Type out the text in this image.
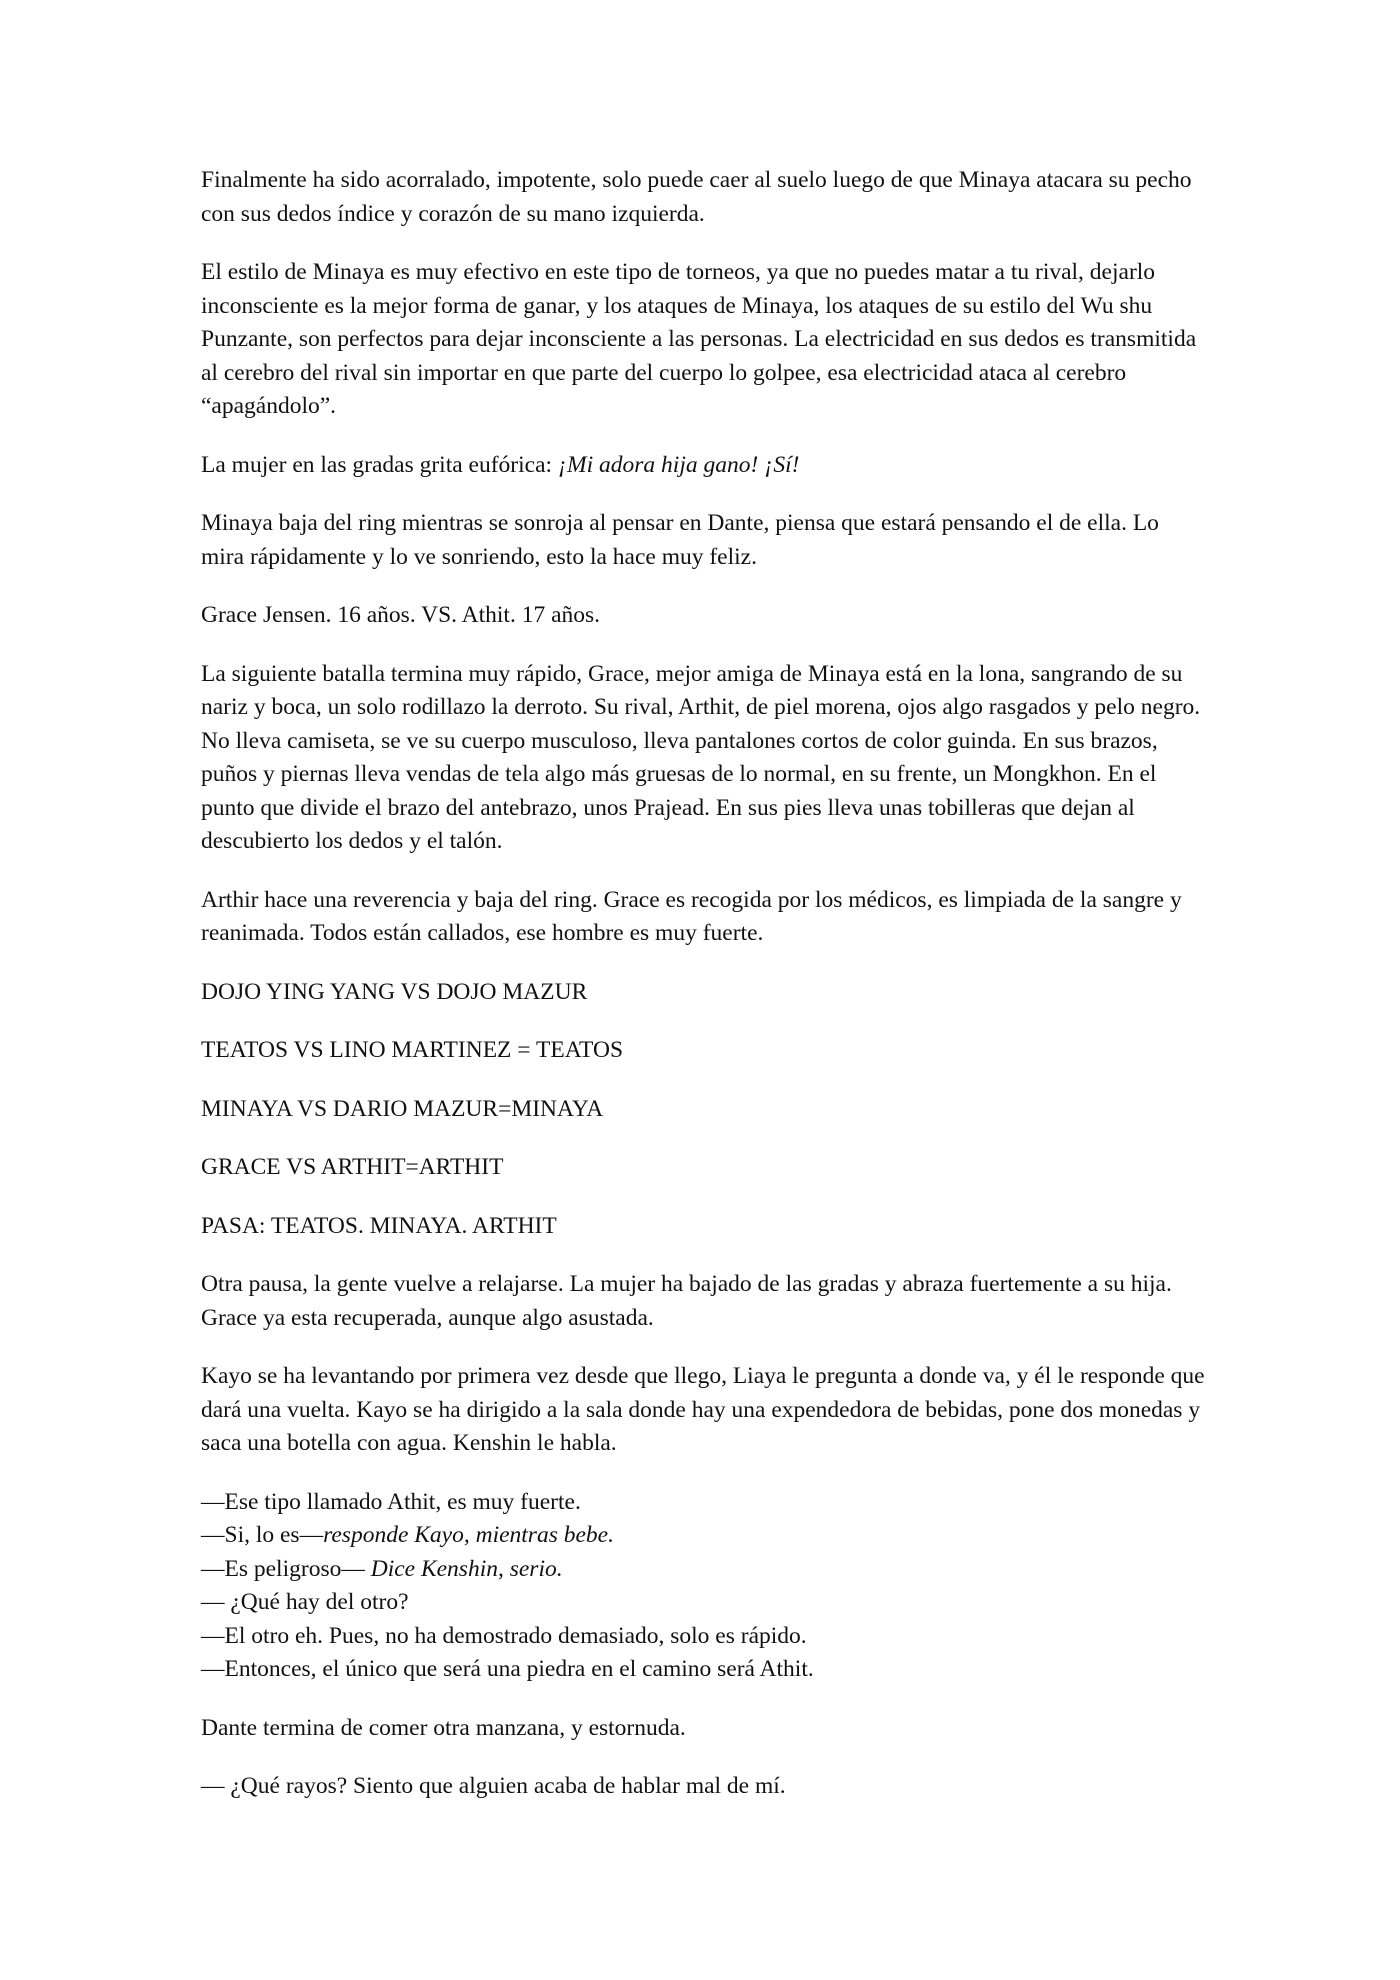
Finalmente ha sido acorralado, impotente, solo puede caer al suelo luego de que Minaya atacara su pecho con sus dedos índice y corazón de su mano izquierda.

El estilo de Minaya es muy efectivo en este tipo de torneos, ya que no puedes matar a tu rival, dejarlo inconsciente es la mejor forma de ganar, y los ataques de Minaya, los ataques de su estilo del Wu shu Punzante, son perfectos para dejar inconsciente a las personas. La electricidad en sus dedos es transmitida al cerebro del rival sin importar en que parte del cuerpo lo golpee, esa electricidad ataca al cerebro “apagándolo”.

La mujer en las gradas grita eufórica: ¡Mi adora hija gano! ¡Sí!

Minaya baja del ring mientras se sonroja al pensar en Dante, piensa que estará pensando el de ella. Lo mira rápidamente y lo ve sonriendo, esto la hace muy feliz.

Grace Jensen. 16 años. VS. Athit. 17 años.

La siguiente batalla termina muy rápido, Grace, mejor amiga de Minaya está en la lona, sangrando de su nariz y boca, un solo rodillazo la derroto. Su rival, Arthit, de piel morena, ojos algo rasgados y pelo negro. No lleva camiseta, se ve su cuerpo musculoso, lleva pantalones cortos de color guinda. En sus brazos, puños y piernas lleva vendas de tela algo más gruesas de lo normal, en su frente, un Mongkhon. En el punto que divide el brazo del antebrazo, unos Prajead. En sus pies lleva unas tobilleras que dejan al descubierto los dedos y el talón.

Arthir hace una reverencia y baja del ring. Grace es recogida por los médicos, es limpiada de la sangre y reanimada. Todos están callados, ese hombre es muy fuerte.

DOJO YING YANG VS DOJO MAZUR

TEATOS VS LINO MARTINEZ = TEATOS

MINAYA VS DARIO MAZUR=MINAYA

GRACE VS ARTHIT=ARTHIT

PASA: TEATOS. MINAYA. ARTHIT

Otra pausa, la gente vuelve a relajarse. La mujer ha bajado de las gradas y abraza fuertemente a su hija. Grace ya esta recuperada, aunque algo asustada.

Kayo se ha levantando por primera vez desde que llego, Liaya le pregunta a donde va, y él le responde que dará una vuelta. Kayo se ha dirigido a la sala donde hay una expendedora de bebidas, pone dos monedas y saca una botella con agua. Kenshin le habla.

—Ese tipo llamado Athit, es muy fuerte.
—Si, lo es—responde Kayo, mientras bebe.
—Es peligroso— Dice Kenshin, serio.
— ¿Qué hay del otro?
—El otro eh. Pues, no ha demostrado demasiado, solo es rápido.
—Entonces, el único que será una piedra en el camino será Athit.

Dante termina de comer otra manzana, y estornuda.

— ¿Qué rayos? Siento que alguien acaba de hablar mal de mí.
